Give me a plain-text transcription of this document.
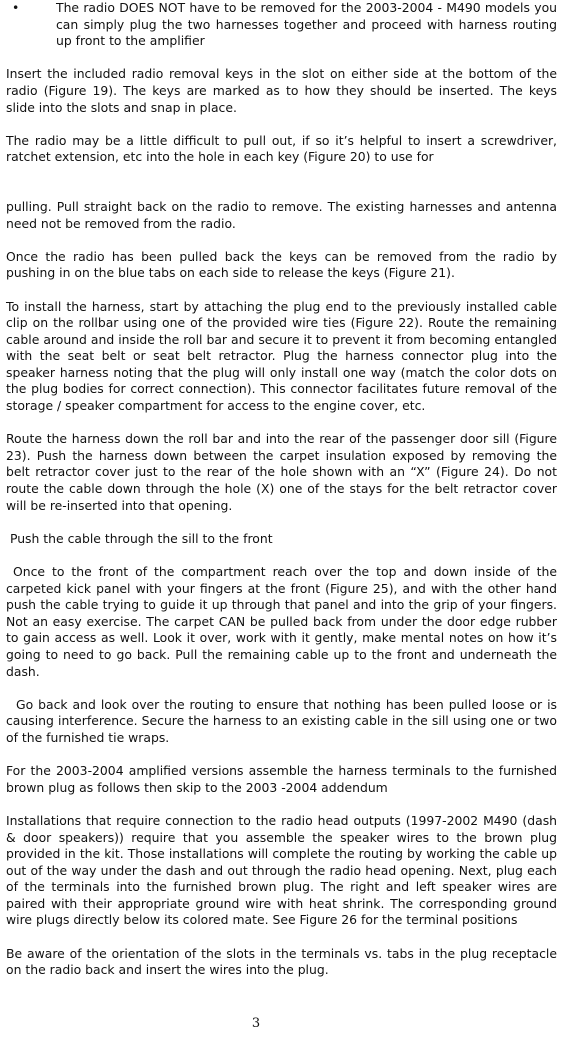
•	The radio DOES NOT have to be removed for the 2003-2004 - M490 models you can simply plug the two harnesses together and proceed with harness routing up front to the amplifier

Insert the included radio removal keys in the slot on either side at the bottom of the radio (Figure 19). The keys are marked as to how they should be inserted. The keys slide into the slots and snap in place.

The radio may be a little difficult to pull out, if so it’s helpful to insert a screwdriver, ratchet extension, etc into the hole in each key (Figure 20) to use for

pulling. Pull straight back on the radio to remove. The existing harnesses and antenna need not be removed from the radio.

Once the radio has been pulled back the keys can be removed from the radio by pushing in on the blue tabs on each side to release the keys (Figure 21).

To install the harness, start by attaching the plug end to the previously installed cable clip on the rollbar using one of the provided wire ties (Figure 22). Route the remaining cable around and inside the roll bar and secure it to prevent it from becoming entangled with the seat belt or seat belt retractor. Plug the harness connector plug into the speaker harness noting that the plug will only install one way (match the color dots on the plug bodies for correct connection). This connector facilitates future removal of the storage / speaker compartment for access to the engine cover, etc.

Route the harness down the roll bar and into the rear of the passenger door sill (Figure 23). Push the harness down between the carpet insulation exposed by removing the belt retractor cover just to the rear of the hole shown with an “X” (Figure 24). Do not route the cable down through the hole (X) one of the stays for the belt retractor cover will be re-inserted into that opening.

Push the cable through the sill to the front

Once to the front of the compartment reach over the top and down inside of the carpeted kick panel with your fingers at the front (Figure 25), and with the other hand push the cable trying to guide it up through that panel and into the grip of your fingers. Not an easy exercise. The carpet CAN be pulled back from under the door edge rubber to gain access as well. Look it over, work with it gently, make mental notes on how it’s going to need to go back. Pull the remaining cable up to the front and underneath the dash.

Go back and look over the routing to ensure that nothing has been pulled loose or is causing interference. Secure the harness to an existing cable in the sill using one or two of the furnished tie wraps.

For the 2003-2004 amplified versions assemble the harness terminals to the furnished brown plug as follows then skip to the 2003 -2004 addendum

Installations that require connection to the radio head outputs (1997-2002 M490 (dash & door speakers)) require that you assemble the speaker wires to the brown plug provided in the kit. Those installations will complete the routing by working the cable up out of the way under the dash and out through the radio head opening. Next, plug each of the terminals into the furnished brown plug. The right and left speaker wires are paired with their appropriate ground wire with heat shrink. The corresponding ground wire plugs directly below its colored mate. See Figure 26 for the terminal positions

Be aware of the orientation of the slots in the terminals vs. tabs in the plug receptacle on the radio back and insert the wires into the plug.

3
